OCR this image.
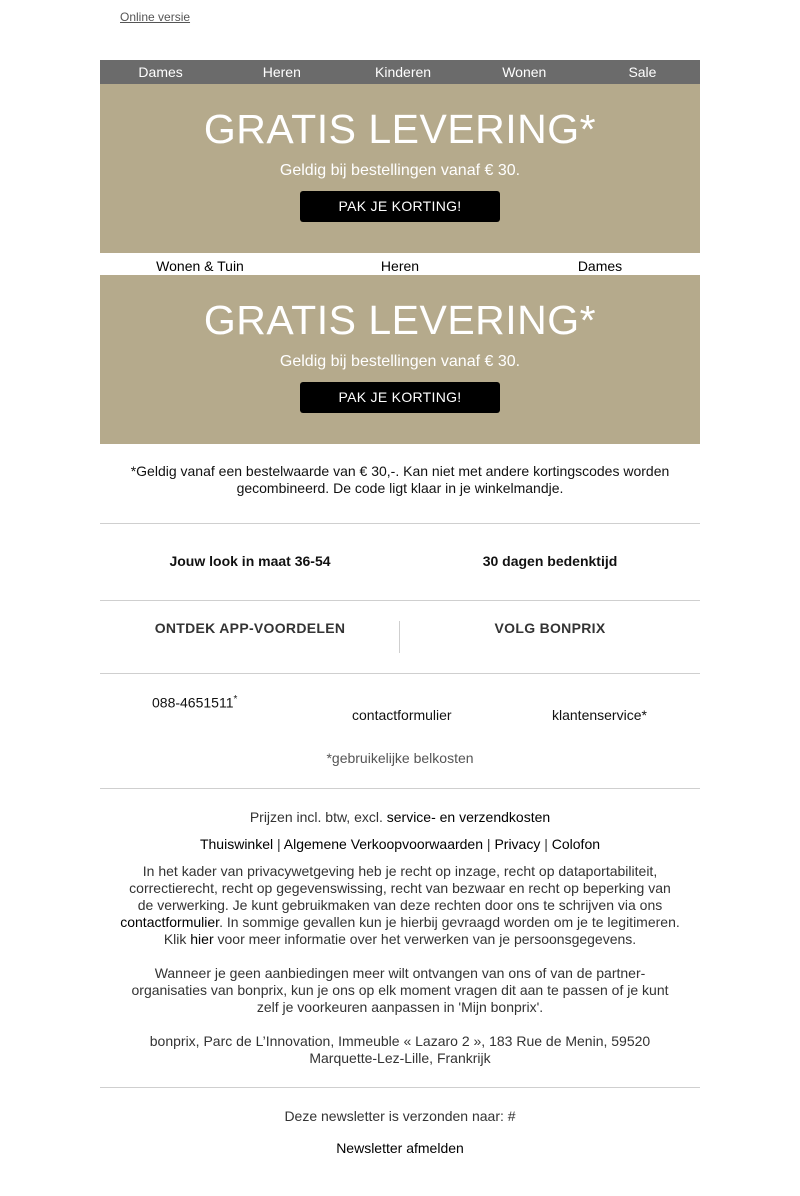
Online versie
Dames	Heren	Kinderen	Wonen	Sale
GRATIS LEVERING*
Geldig bij bestellingen vanaf € 30.
PAK JE KORTING!
Wonen & Tuin	Heren	Dames
GRATIS LEVERING*
Geldig bij bestellingen vanaf € 30.
PAK JE KORTING!
*Geldig vanaf een bestelwaarde van € 30,-. Kan niet met andere kortingscodes worden gecombineerd. De code ligt klaar in je winkelmandje.
Jouw look in maat 36-54	30 dagen bedenktijd
ONTDEK APP-VOORDELEN	VOLG BONPRIX
088-4651511*
contactformulier	klantenservice*
*gebruikelijke belkosten
Prijzen incl. btw, excl. service- en verzendkosten
Thuiswinkel | Algemene Verkoopvoorwaarden | Privacy | Colofon
In het kader van privacywetgeving heb je recht op inzage, recht op dataportabiliteit, correctierecht, recht op gegevenswissing, recht van bezwaar en recht op beperking van de verwerking. Je kunt gebruikmaken van deze rechten door ons te schrijven via ons contactformulier. In sommige gevallen kun je hierbij gevraagd worden om je te legitimeren. Klik hier voor meer informatie over het verwerken van je persoonsgegevens.
Wanneer je geen aanbiedingen meer wilt ontvangen van ons of van de partner-organisaties van bonprix, kun je ons op elk moment vragen dit aan te passen of je kunt zelf je voorkeuren aanpassen in 'Mijn bonprix'.
bonprix, Parc de L’Innovation, Immeuble « Lazaro 2 », 183 Rue de Menin, 59520 Marquette-Lez-Lille, Frankrijk
Deze newsletter is verzonden naar: #
Newsletter afmelden
